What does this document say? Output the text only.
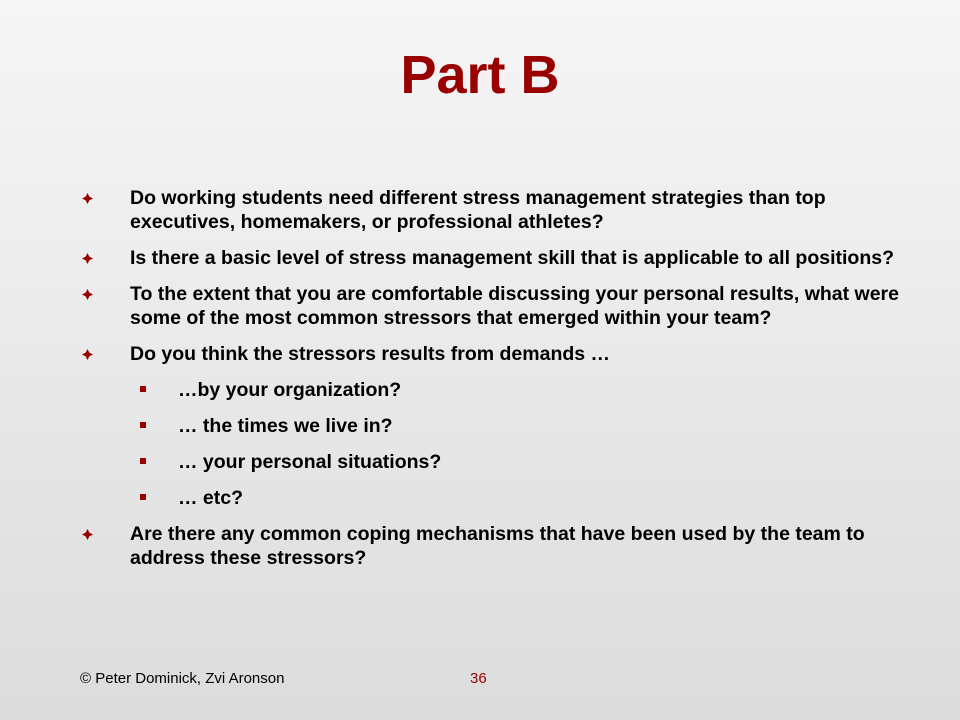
Part B
Do working students need different stress management strategies than top executives, homemakers, or professional athletes?
Is there a basic level of stress management skill that is applicable to all positions?
To the extent that you are comfortable discussing your personal results, what were some of the most common stressors that emerged within your team?
Do you think the stressors results from demands …
…by your organization?
… the times we live in?
… your personal situations?
… etc?
Are there any common coping mechanisms that have been used by the team to address these stressors?
© Peter Dominick, Zvi Aronson	36
